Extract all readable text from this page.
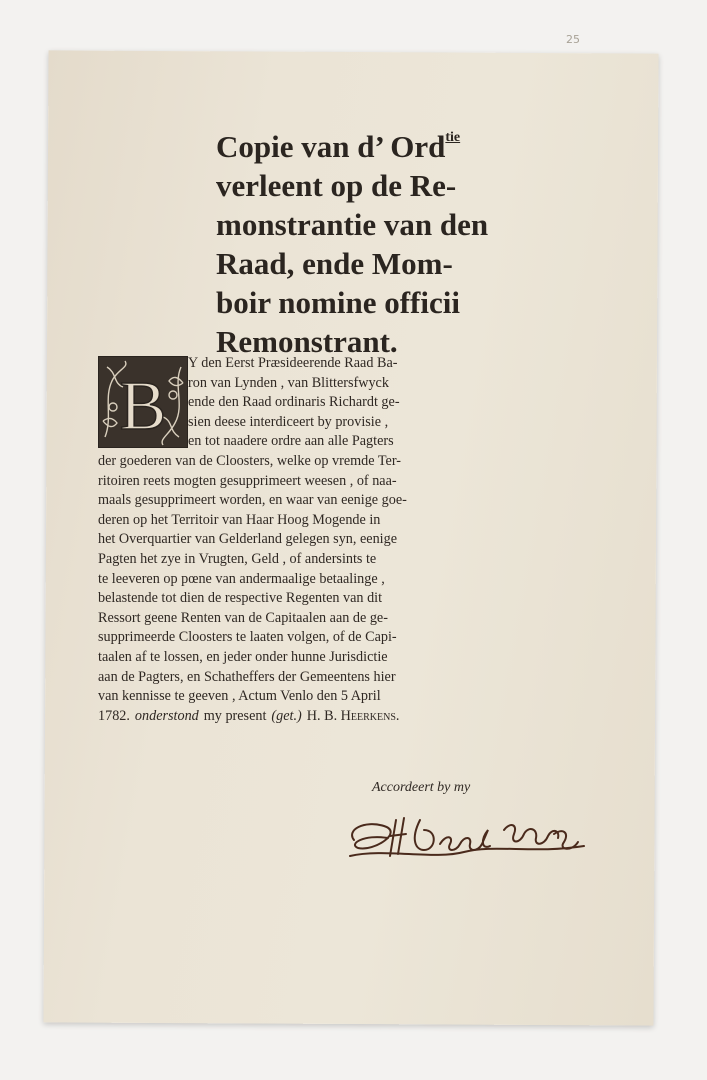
25
Copie van d’ Ord$^{tie}$
verleent op de Re-
monstrantie van den
Raad, ende Mom-
boir nomine officii
Remonstrant.
B
Y den Eerst Præsideerende Raad Ba-
ron van Lynden , van Blittersfwyck
ende den Raad ordinaris Richardt ge-
sien deese interdiceert by provisie ,
en tot naadere ordre aan alle Pagters
der goederen van de Cloosters, welke op vremde Ter-
ritoiren reets mogten gesupprimeert weesen , of naa-
maals gesupprimeert worden, en waar van eenige goe-
deren op het Territoir van Haar Hoog Mogende in
het Overquartier van Gelderland gelegen syn, eenige
Pagten het zye in Vrugten, Geld , of andersints te
te leeveren op pœne van andermaalige betaalinge ,
belastende tot dien de respective Regenten van dit
Ressort geene Renten van de Capitaalen aan de ge-
supprimeerde Cloosters te laaten volgen, of de Capi-
taalen af te lossen, en jeder onder hunne Jurisdictie
aan de Pagters, en Schatheffers der Gemeentens hier
van kennisse te geeven , Actum Venlo den 5 April
1782. onderstond my present (get.) H. B. Heerkens.
Accordeert by my
